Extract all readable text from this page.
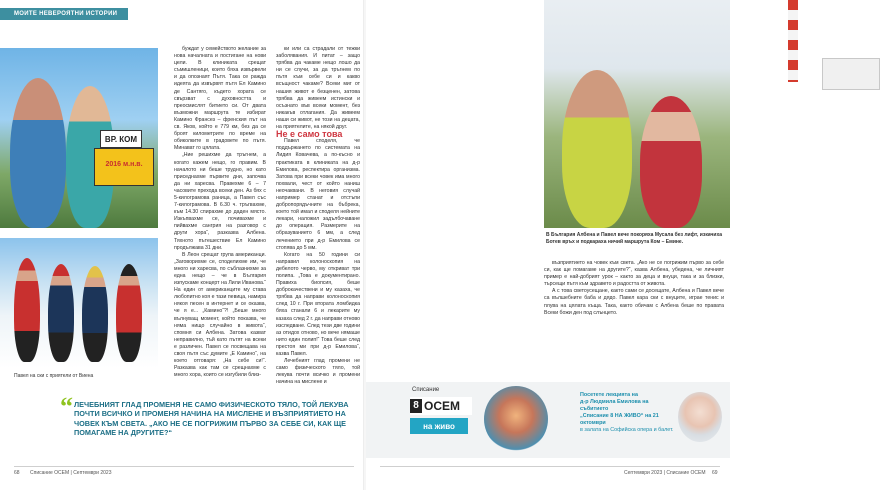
МОИТЕ НЕВЕРОЯТНИ ИСТОРИИ
ВР. КОМ
2016 м.н.в.
Павел на ски с приятели от Виена

буждат у семейството желание за нова началната и постигане на нови цели. В клиниката срещат съмишленици, които бяха извървели и да опознаят Пътя. Така се ражда идеята да извървят пътя Ел Камино де Сантяго, където хората се свързват с духовността и преосмислят битието си. От двата възможни маршрута те избират Камино Франсез – френския път на св. Яков, който е 779 км, без да се броят километрите по време на обиколките в градовете по пътя. Минават го цялата.

„Ние решихме да тръгнем, а когато кажем нещо, го правим. В началото ни беше трудно, но като приседнахме първите дни, започва да ни харесва. Правехме 6 – 7 часовите прехода всеки ден. Аз бях с 5-килограмова раница, а Павел със 7-килограмова. В 6.30 ч. тръгвахме, към 14.30 спирахме до даден място. Изкъпвахме се, почивахме и пийвахме сангрия на разговор с други хора“, разказва Албена. Тяхното пътешествие Ел Камино продължава 31 дни.

В Леон срещат група американци. „Заговорихме се, споделихме им, че много ни харесва, по съблазнихме за една нещо – че в България изпускаме концерт на Лили Иванова.“ На един от американците му става любопитно коя е тази певица, намира някоя песен в интернет и се оказва, че я е... „Камино“?! „Беше много вълнуващ момент, който показва, че няма нищо случайно в живота“, спомня си Албена. Затова казват неправилно, тъй като пътят на всеки е различен. Павел се посвещава на своя пътя със думите „Е Камино“, на което отговаря: „На себе си!“. Разказва как там се срещнахме с много хора, които се изгубили близ-

ки или са страдали от тежки заболявания. И питат – защо трябва да чакаме нещо лошо да ни се случи, за да тръгнем по пътя към себе си и какво всъщност чакаме? Всеки миг от нашия живот е безценен, затова трябва да живеем истински и осъзнато във всеки момент, без никакъв отлагания. Да живеем наши си живот, не този на децата, на приятелите, на някой друг.

Не е само това

Павел споделя, че поддържането по системата на Лидия Ковачева, а по-късно и практиката в клиниката на д-р Емилова, респектира организма. Затова при всеки човек има много похвали, чест от който наниш неочаквани. В неговия случай например станат и отстъпи добропорядъчните на бъбрека, което той имал и споделя нейните лекари, наложил задълбочаване до операция. Размерите на образуванието 6 мм, а след лечението при д-р Емилова се стопява до 5 мм.

Когато на 50 години си направил колоноскопия на дебелото черво, му откриват три полипа. „Това е документирано. Правиха биопсия, беше доброкачествени и му казаха, че трябва да направи колоноскопия след 10 г. При втората ломбидка бяха станали 6 и лекарите му казаха след 2 г. да направи отново изследване. След тези две години аз отидох отново, но вече нямаше нито един полип!“ Това беше след престоя ми при д-р Емилова“, казва Павел.

Лечебният глад промени не само физическото тяло, той лекува почти всичко и промени начина на мислене и

“ ЛЕЧЕБНИЯТ ГЛАД ПРОМЕНЯ НЕ САМО ФИЗИЧЕСКОТО ТЯЛО, ТОЙ ЛЕКУВА ПОЧТИ ВСИЧКО И ПРОМЕНЯ НАЧИНА НА МИСЛЕНЕ И ВЪЗПРИЯТИЕТО НА ЧОВЕК КЪМ СВЕТА. „АКО НЕ СЕ ПОГРИЖИМ ПЪРВО ЗА СЕБЕ СИ, КАК ЩЕ ПОМАГАМЕ НА ДРУГИТЕ?“
68 Списание ОСЕМ | Септември 2023
В България Албена и Павел вече покоряха Мусала без лифт, изкачиха Ботев връх и подкараха ничий маршрута Ком – Емине.

възприятието на човек към света. „Ако не се погрижим първо за себе си, как ще помагаме на другите?“, казва Албена, убедена, че личният пример е най-добрият урок – както за деца и внуци, така и за близки, търсещи пътя към здравето и радостта от живота.

А с това светоусещане, както сами се досещате, Албена и Павел вече са вълшебните баба и дядо. Павел кара ски с внуците, играе тенис и плува на цялата къща. Така, както обичам с Албена беше по правата Всеки божи ден под слънцето.

Списание
8 ОСЕМ
на живо
Посетете лекцията на
д-р Людмила Емилова на събитието
„Списание 8 НА ЖИВО“ на 21 октомври
в залата на Софийска опера и балет.
Септември 2023 | Списание ОСЕМ 69
